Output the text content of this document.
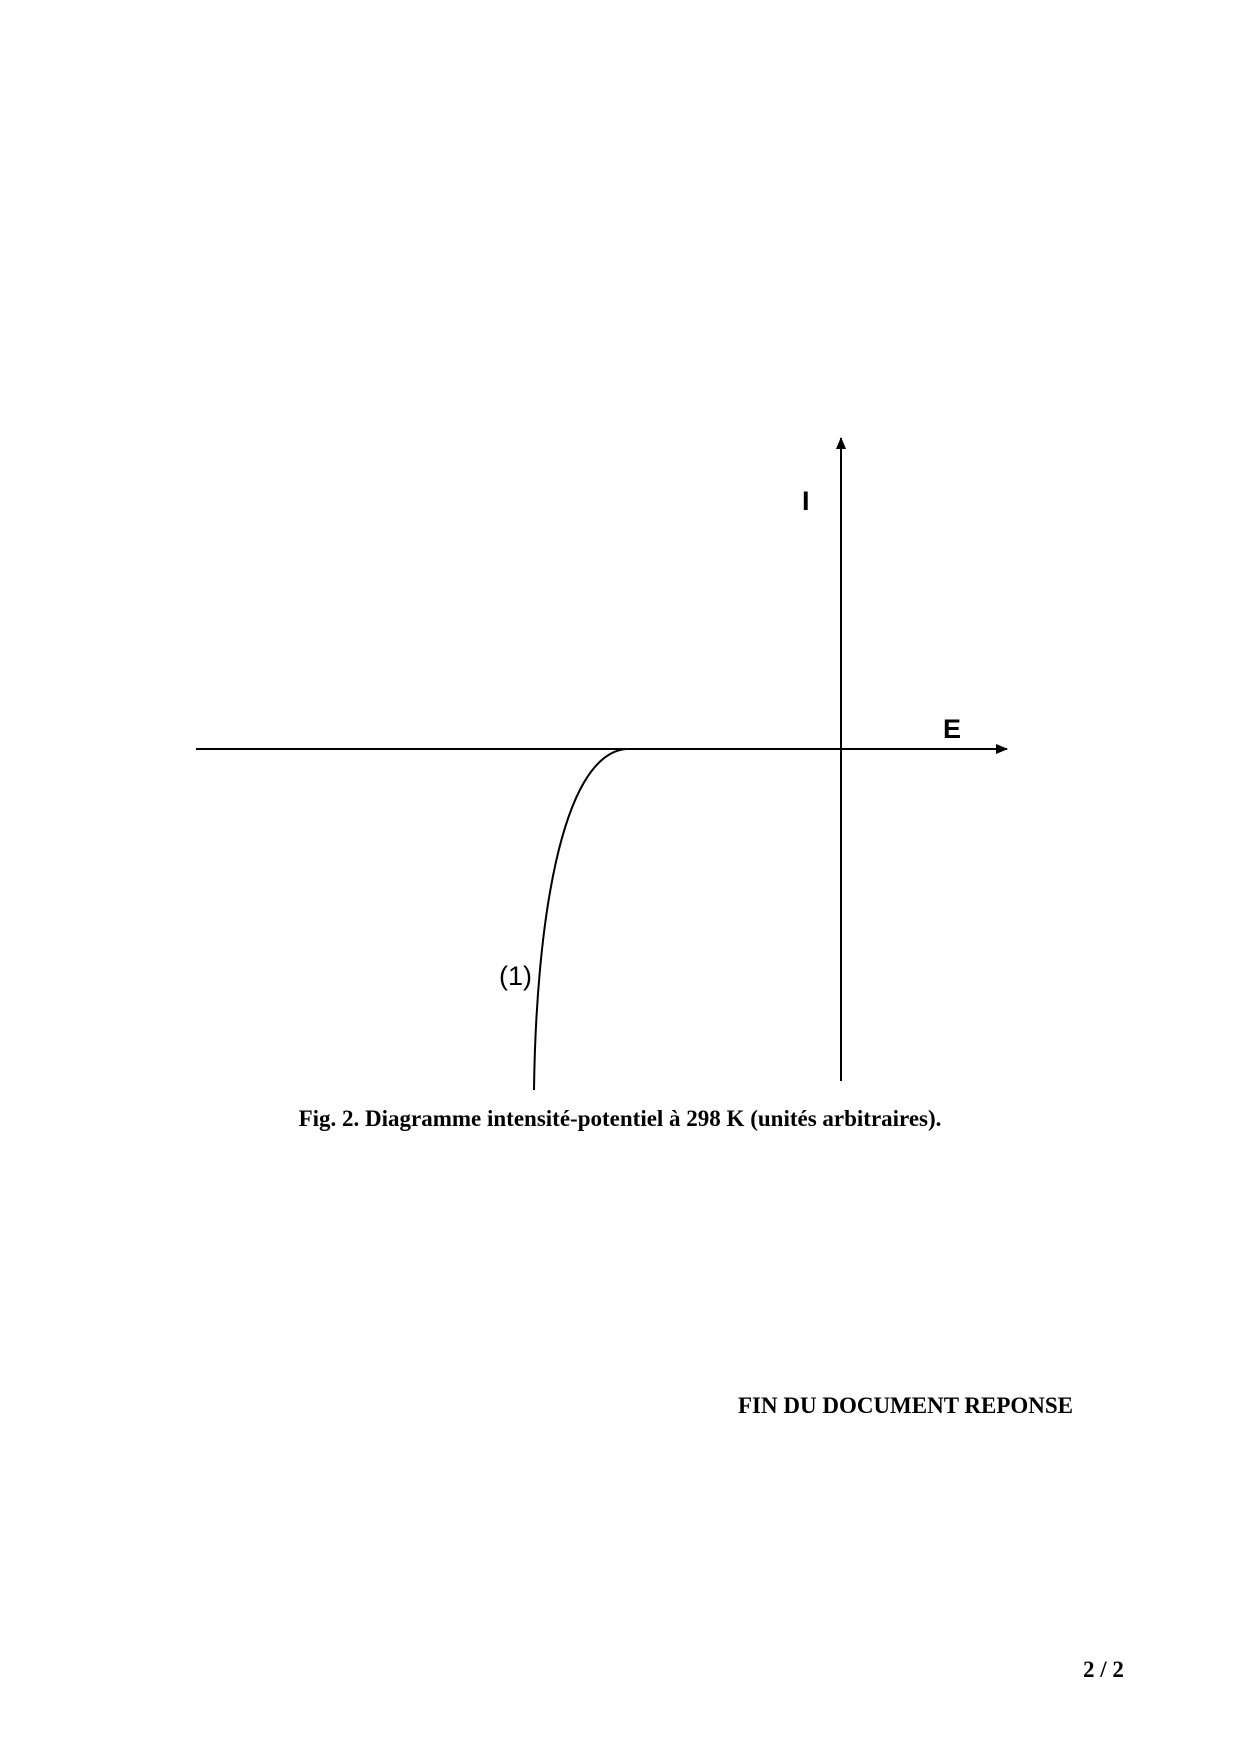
I
E
(1)
Fig. 2. Diagramme intensité-potentiel à 298 K (unités arbitraires).
FIN DU DOCUMENT REPONSE
2 / 2
